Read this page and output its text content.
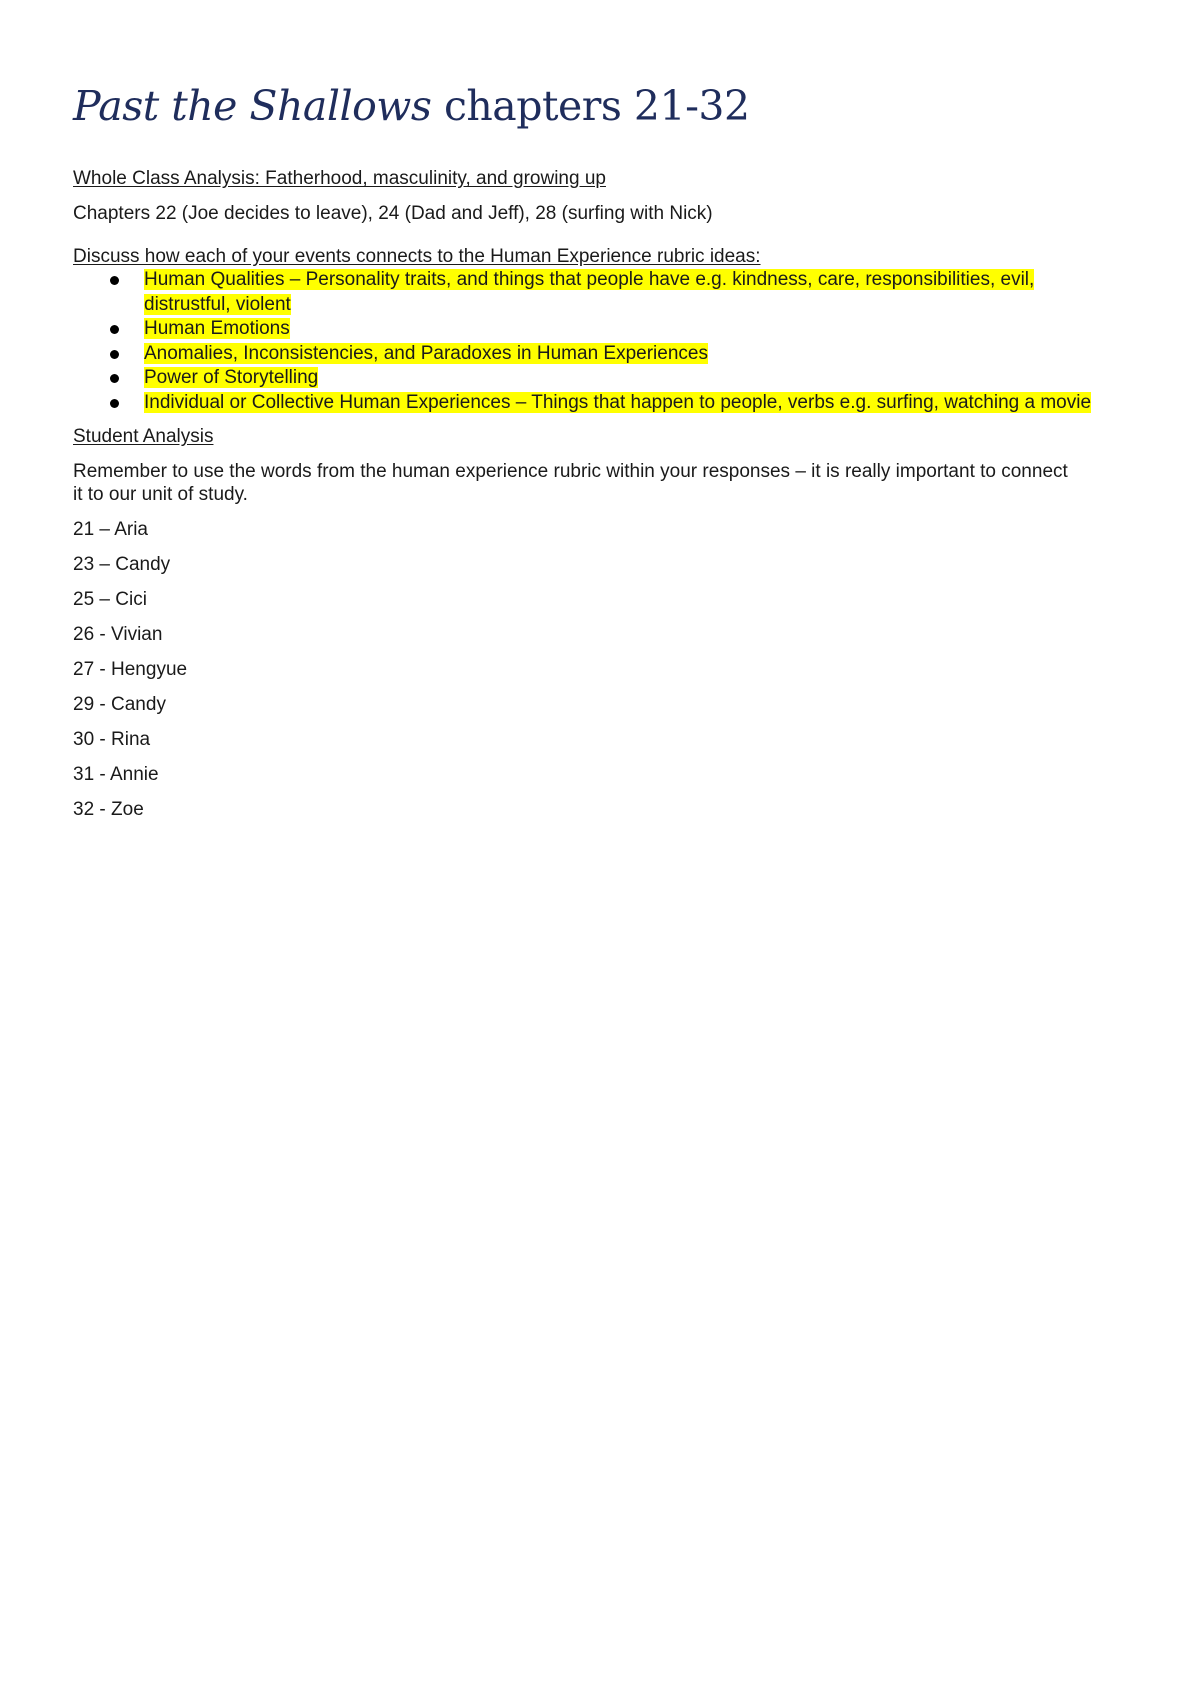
Past the Shallows chapters 21-32
Whole Class Analysis: Fatherhood, masculinity, and growing up
Chapters 22 (Joe decides to leave), 24 (Dad and Jeff), 28 (surfing with Nick)
Discuss how each of your events connects to the Human Experience rubric ideas:
Human Qualities – Personality traits, and things that people have e.g. kindness, care, responsibilities, evil, distrustful, violent
Human Emotions
Anomalies, Inconsistencies, and Paradoxes in Human Experiences
Power of Storytelling
Individual or Collective Human Experiences – Things that happen to people, verbs e.g. surfing, watching a movie
Student Analysis
Remember to use the words from the human experience rubric within your responses – it is really important to connect it to our unit of study.
21 – Aria
23 – Candy
25 – Cici
26 - Vivian
27 - Hengyue
29 - Candy
30 - Rina
31 - Annie
32 - Zoe
